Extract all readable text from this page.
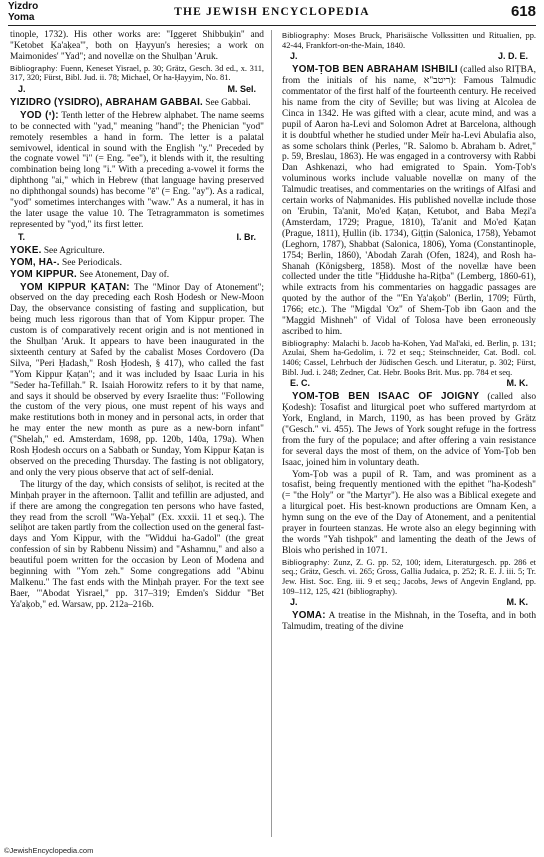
Yizdro
Yoma	THE JEWISH ENCYCLOPEDIA	618

tinople, 1732). His other works are: "Iggeret Shibbuḳin" and "Ketobet Ḳa'aḳea'", both on Ḥayyun's heresies; a work on Maimonides' "Yad"; and novellæ on the Shulḥan 'Aruk.

Bibliography: Fuenn, Keneset Yisrael, p. 30; Grätz, Gesch. 3d ed., x. 311, 317, 320; Fürst, Bibl. Jud. ii. 78; Michael, Or ha-Ḥayyim, No. 81.

J.	M. Sel.

YIZIDRO (YSIDRO), ABRAHAM GABBAI. See Gabbai.

YOD (י): Tenth letter of the Hebrew alphabet. The name seems to be connected with "yad," meaning "hand"; the Phenician "yod" remotely resembles a hand in form. The letter is a palatal semivowel, identical in sound with the English "y." Preceded by the cognate vowel "i" (= Eng. "ee"), it blends with it, the resulting combination being long "i." With a preceding a-vowel it forms the diphthong "ai," which in Hebrew (that language having preserved no diphthongal sounds) has become "ē" (= Eng. "ay"). As a radical, "yod" sometimes interchanges with "waw." As a numeral, it has in the later usage the value 10. The Tetragrammaton is sometimes represented by "yod," its first letter.

T.	I. Br.

YOKE. See Agriculture.

YOM, HA-. See Periodicals.

YOM KIPPUR. See Atonement, Day of.

YOM KIPPUR ḲAṬAN: The "Minor Day of Atonement"; observed on the day preceding each Rosh Ḥodesh or New-Moon Day, the observance consisting of fasting and supplication, but being much less rigorous than that of Yom Kippur proper. The custom is of comparatively recent origin and is not mentioned in the Shulḥan 'Aruk. It appears to have been inaugurated in the sixteenth century at Safed by the cabalist Moses Cordovero (Da Silva, "Peri Ḥadash," Rosh Ḥodesh, § 417), who called the fast "Yom Kippur Ḳaṭan"; and it was included by Isaac Luria in his "Seder ha-Tefillah." R. Isaiah Horowitz refers to it by that name, and says it should be observed by every Israelite thus: "Following the custom of the very pious, one must repent of his ways and make restitutions both in money and in personal acts, in order that he may enter the new month as pure as a new-born infant" ("Shelah," ed. Amsterdam, 1698, pp. 120b, 140a, 179a). When Rosh Ḥodesh occurs on a Sabbath or Sunday, Yom Kippur Ḳaṭan is observed on the preceding Thursday. The fasting is not obligatory, and only the very pious observe that act of self-denial.

The liturgy of the day, which consists of seliḥot, is recited at the Minḥah prayer in the afternoon. Ṭallit and tefillin are adjusted, and if there are among the congregation ten persons who have fasted, they read from the scroll "Wa-Yeḥal" (Ex. xxxii. 11 et seq.). The seliḥot are taken partly from the collection used on the general fast-days and Yom Kippur, with the "Widdui ha-Gadol" (the great confession of sin by Rabbenu Nissim) and "Ashamnu," and also a beautiful poem written for the occasion by Leon of Modena and beginning with "Yom zeh." Some congregations add "Abinu Malkenu." The fast ends with the Minḥah prayer. For the text see Baer, "'Abodat Yisrael," pp. 317–319; Emden's Siddur "Bet Ya'aḳob," ed. Warsaw, pp. 212a–216b.

Bibliography: Moses Bruck, Pharisäische Volkssitten und Ritualien, pp. 42-44, Frankfort-on-the-Main, 1840.

J.	J. D. E.

YOM-ṬOB BEN ABRAHAM ISHBILI (called also RIṬBA, from the initials of his name, ריטב"א): Famous Talmudic commentator of the first half of the fourteenth century. He received his name from the city of Seville; but was living at Alcolea de Cinca in 1342. He was gifted with a clear, acute mind, and was a pupil of Aaron ha-Levi and Solomon Adret at Barcelona, although it is doubtful whether he studied under Meïr ha-Levi Abulafia also, as some scholars think (Perles, "R. Salomo b. Abraham b. Adret," p. 59, Breslau, 1863). He was engaged in a controversy with Rabbi Dan Ashkenazi, who had emigrated to Spain. Yom-Ṭob's voluminous works include valuable novellæ on many of the Talmudic treatises, and commentaries on the writings of Alfasi and certain works of Naḥmanides. His published novellæ include those on 'Erubin, Ta'anit, Mo'ed Ḳaṭan, Ketubot, and Baba Meẓi'a (Amsterdam, 1729; Prague, 1810), Ta'anit and Mo'ed Ḳaṭan (Prague, 1811), Ḥullin (ib. 1734), Giṭṭin (Salonica, 1758), Yebamot (Leghorn, 1787), Shabbat (Salonica, 1806), Yoma (Constantinople, 1754; Berlin, 1860), 'Abodah Zarah (Ofen, 1824), and Rosh ha-Shanah (Königsberg, 1858). Most of the novellæ have been collected under the title "Ḥiddushe ha-Riṭba" (Lemberg, 1860-61), while extracts from his commentaries on haggadic passages are quoted by the author of the "'En Ya'aḳob" (Berlin, 1709; Fürth, 1766; etc.). The "Migdal 'Oz" of Shem-Ṭob ibn Gaon and the "Maggid Mishneh" of Vidal of Tolosa have been erroneously ascribed to him.

Bibliography: Malachi b. Jacob ha-Kohen, Yad Mal'aki, ed. Berlin, p. 131; Azulai, Shem ha-Gedolim, i. 72 et seq.; Steinschneider, Cat. Bodl. col. 1406; Cassel, Lehrbuch der Jüdischen Gesch. und Literatur, p. 302; Fürst, Bibl. Jud. i. 248; Zedner, Cat. Hebr. Books Brit. Mus. pp. 784 et seq.

E. C.	M. K.

YOM-ṬOB BEN ISAAC OF JOIGNY (called also Ḳodesh): Tosafist and liturgical poet who suffered martyrdom at York, England, in March, 1190, as has been proved by Grätz ("Gesch." vi. 455). The Jews of York sought refuge in the fortress from the fury of the populace; and after offering a vain resistance for several days the most of them, on the advice of Yom-Ṭob ben Isaac, joined him in voluntary death.

Yom-Ṭob was a pupil of R. Tam, and was prominent as a tosafist, being frequently mentioned with the epithet "ha-Ḳodesh" (= "the Holy" or "the Martyr"). He also was a Biblical exegete and a liturgical poet. His best-known productions are Omnam Ken, a hymn sung on the eve of the Day of Atonement, and a penitential prayer in fourteen stanzas. He wrote also an elegy beginning with the words "Yah tishpok" and lamenting the death of the Jews of Blois who perished in 1071.

Bibliography: Zunz, Z. G. pp. 52, 100; idem, Literaturgesch. pp. 286 et seq.; Grätz, Gesch. vi. 265; Gross, Gallia Judaica, p. 252; R. E. J. iii. 5; Tr. Jew. Hist. Soc. Eng. iii. 9 et seq.; Jacobs, Jews of Angevin England, pp. 109–112, 125, 421 (bibliography).

J.	M. K.

YOMA: A treatise in the Mishnah, in the Tosefta, and in both Talmudim, treating of the divine

©JewishEncyclopedia.com
